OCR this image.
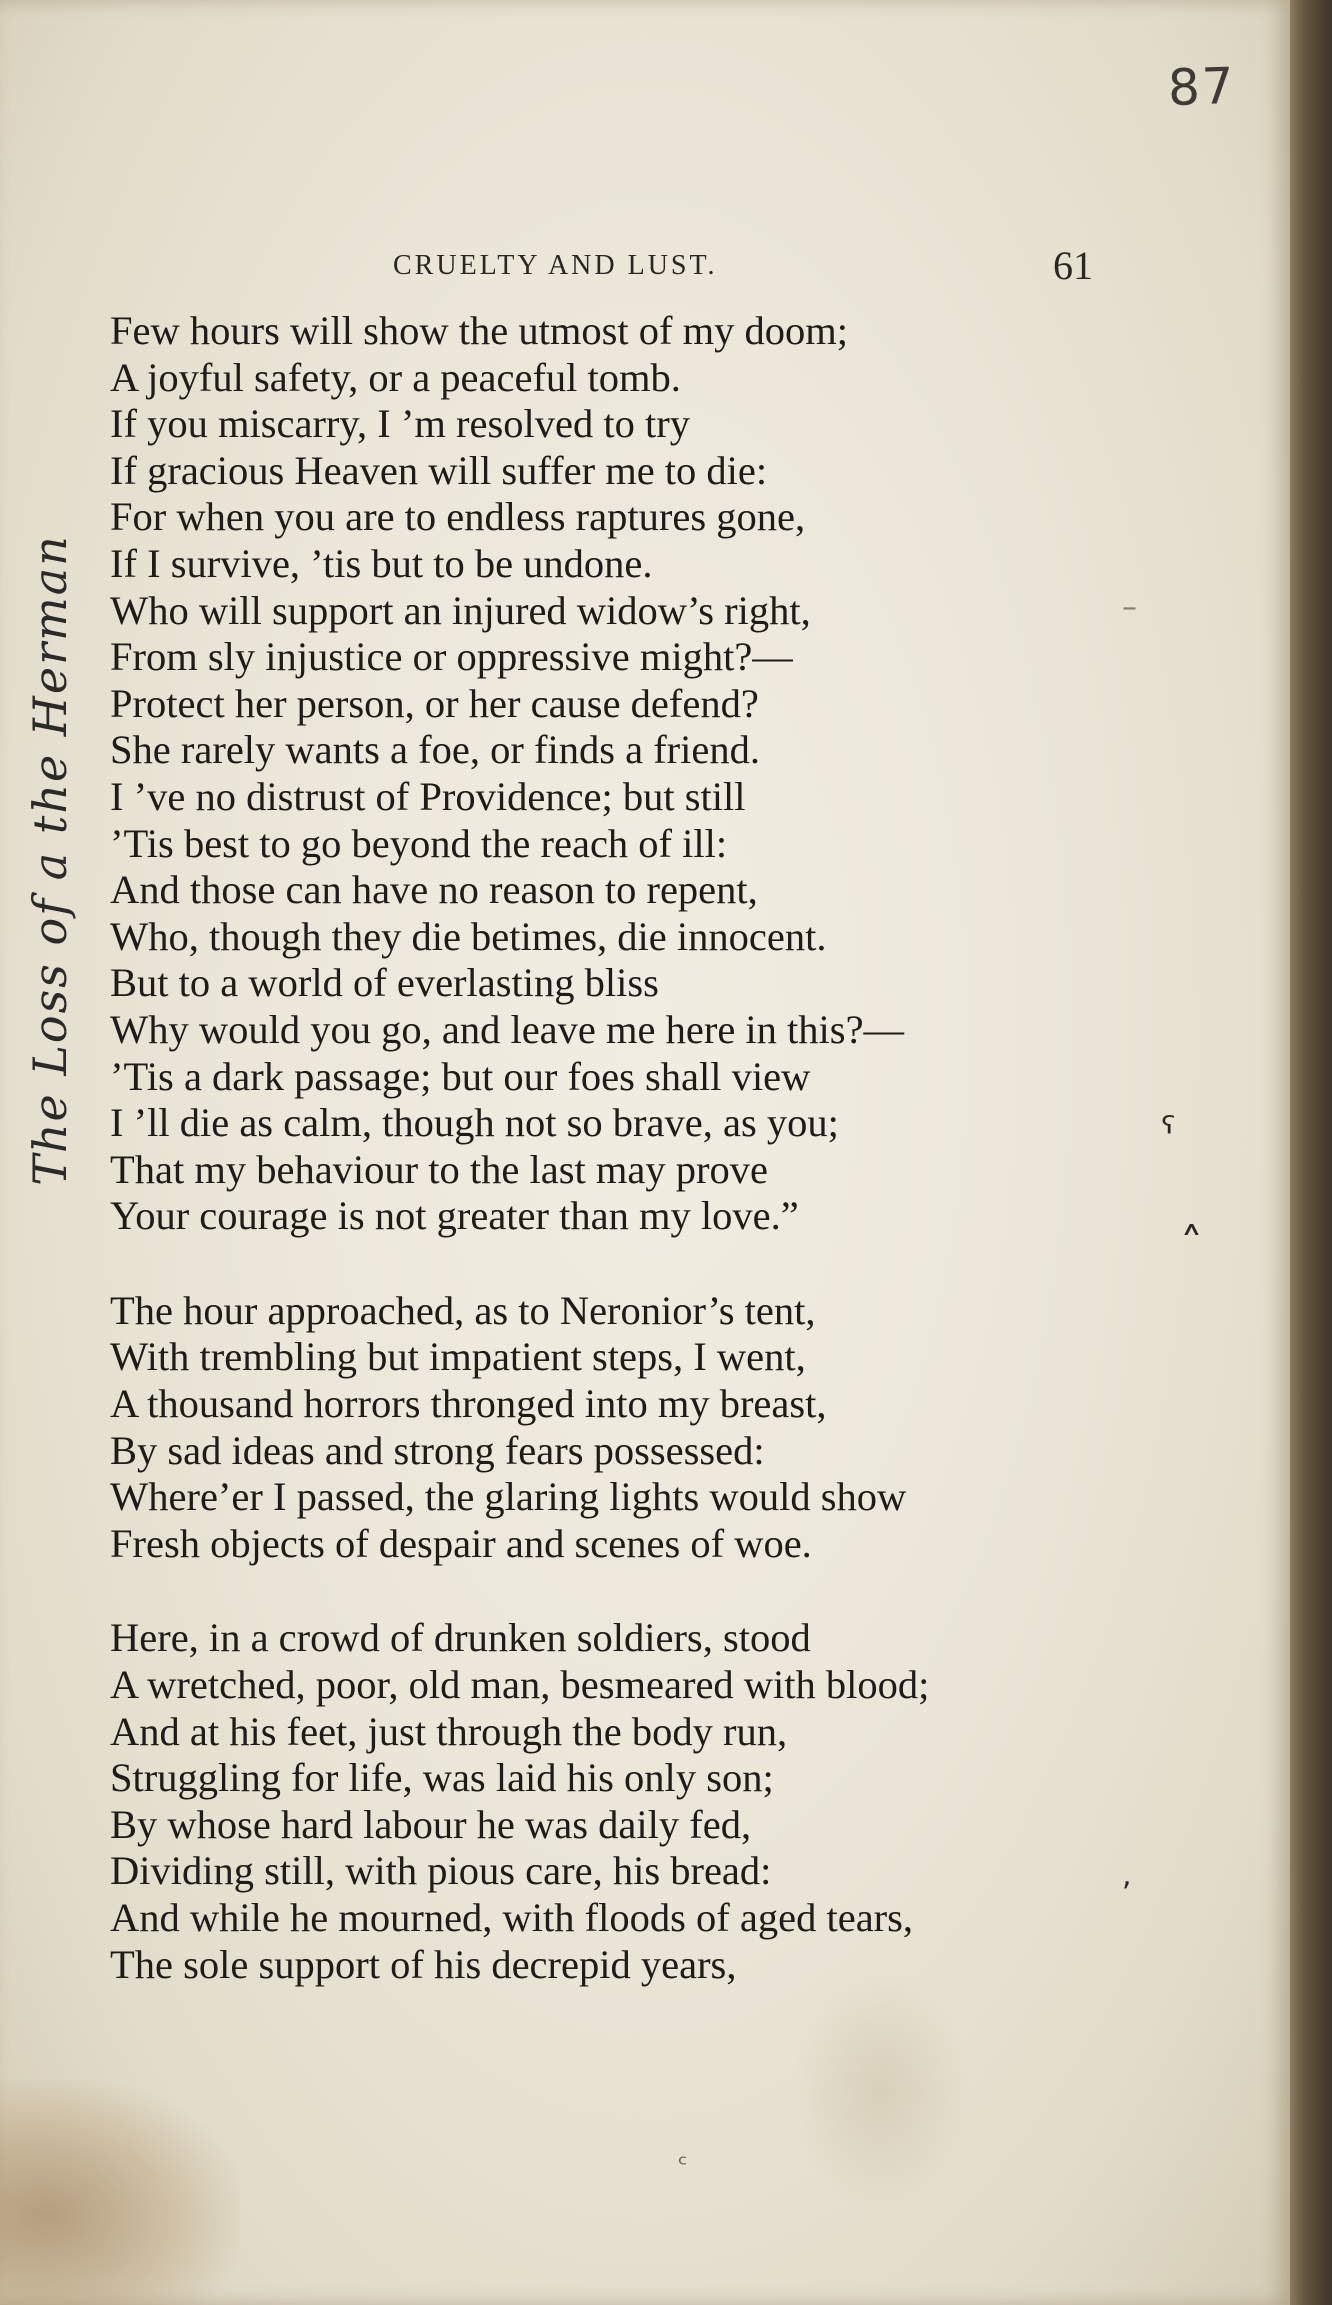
87
The Loss of a the Herman
CRUELTY AND LUST.	61
Few hours will show the utmost of my doom;
A joyful safety, or a peaceful tomb.
If you miscarry, I ’m resolved to try
If gracious Heaven will suffer me to die:
For when you are to endless raptures gone,
If I survive, ’tis but to be undone.
Who will support an injured widow’s right,
From sly injustice or oppressive might?—
Protect her person, or her cause defend?
She rarely wants a foe, or finds a friend.
I ’ve no distrust of Providence; but still
’Tis best to go beyond the reach of ill:
And those can have no reason to repent,
Who, though they die betimes, die innocent.
But to a world of everlasting bliss
Why would you go, and leave me here in this?—
’Tis a dark passage; but our foes shall view
I ’ll die as calm, though not so brave, as you;
That my behaviour to the last may prove
Your courage is not greater than my love.”
The hour approached, as to Neronior’s tent,
With trembling but impatient steps, I went,
A thousand horrors thronged into my breast,
By sad ideas and strong fears possessed:
Where’er I passed, the glaring lights would show
Fresh objects of despair and scenes of woe.
Here, in a crowd of drunken soldiers, stood
A wretched, poor, old man, besmeared with blood;
And at his feet, just through the body run,
Struggling for life, was laid his only son;
By whose hard labour he was daily fed,
Dividing still, with pious care, his bread:
And while he mourned, with floods of aged tears,
The sole support of his decrepid years,
ˤ
˄
–
,
ᶜ
